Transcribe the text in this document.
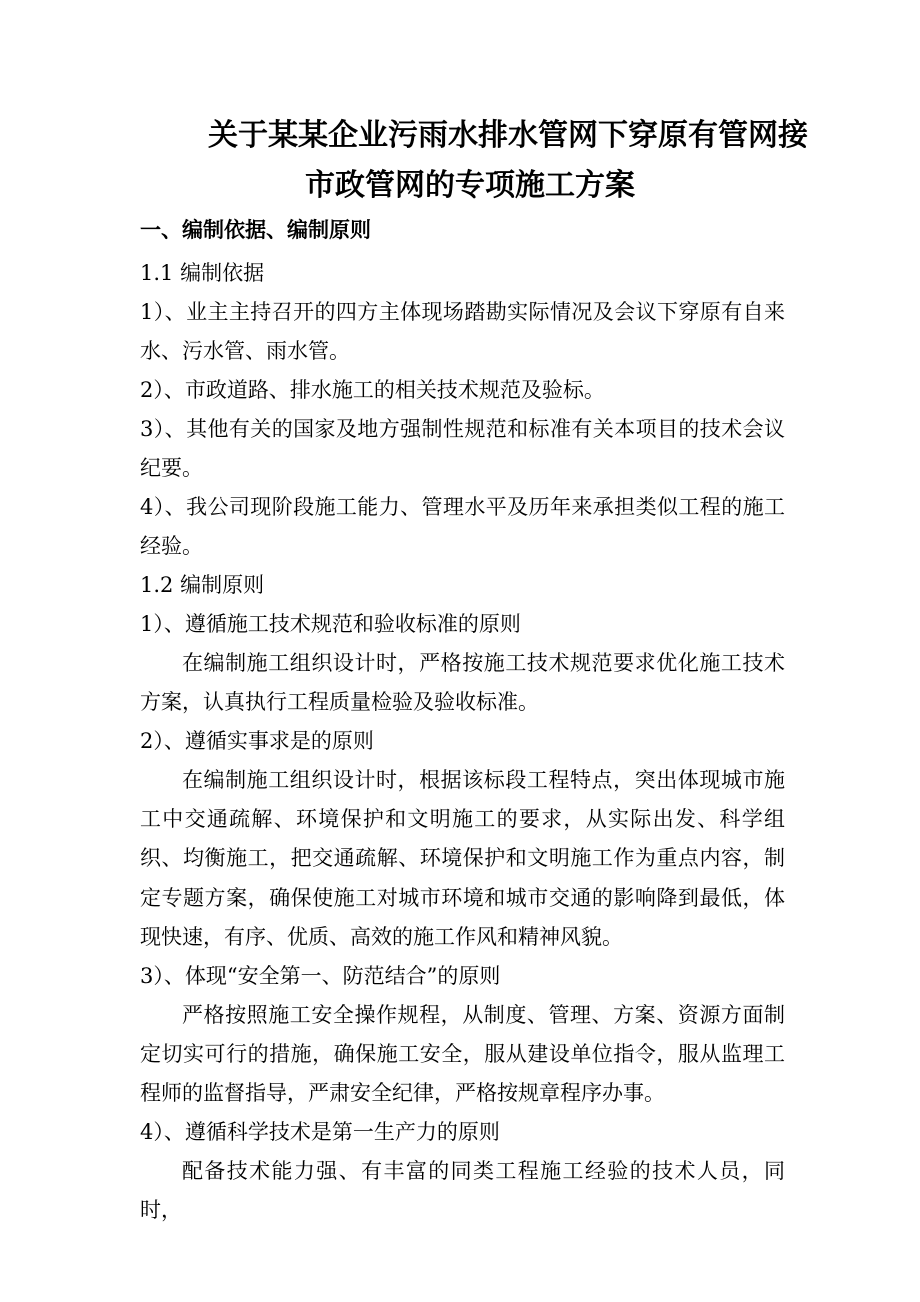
关于某某企业污雨水排水管网下穿原有管网接
市政管网的专项施工方案
一、编制依据、编制原则

1.1 编制依据

1）、业主主持召开的四方主体现场踏勘实际情况及会议下穿原有自来水、污水管、雨水管。

2）、市政道路、排水施工的相关技术规范及验标。

3）、其他有关的国家及地方强制性规范和标准有关本项目的技术会议纪要。

4）、我公司现阶段施工能力、管理水平及历年来承担类似工程的施工经验。

1.2 编制原则

1）、遵循施工技术规范和验收标准的原则

在编制施工组织设计时，严格按施工技术规范要求优化施工技术方案，认真执行工程质量检验及验收标准。

2）、遵循实事求是的原则

在编制施工组织设计时，根据该标段工程特点，突出体现城市施工中交通疏解、环境保护和文明施工的要求，从实际出发、科学组织、均衡施工，把交通疏解、环境保护和文明施工作为重点内容，制定专题方案，确保使施工对城市环境和城市交通的影响降到最低，体现快速，有序、优质、高效的施工作风和精神风貌。

3）、体现“安全第一、防范结合”的原则

严格按照施工安全操作规程，从制度、管理、方案、资源方面制定切实可行的措施，确保施工安全，服从建设单位指令，服从监理工程师的监督指导，严肃安全纪律，严格按规章程序办事。

4）、遵循科学技术是第一生产力的原则

配备技术能力强、有丰富的同类工程施工经验的技术人员，同时，
